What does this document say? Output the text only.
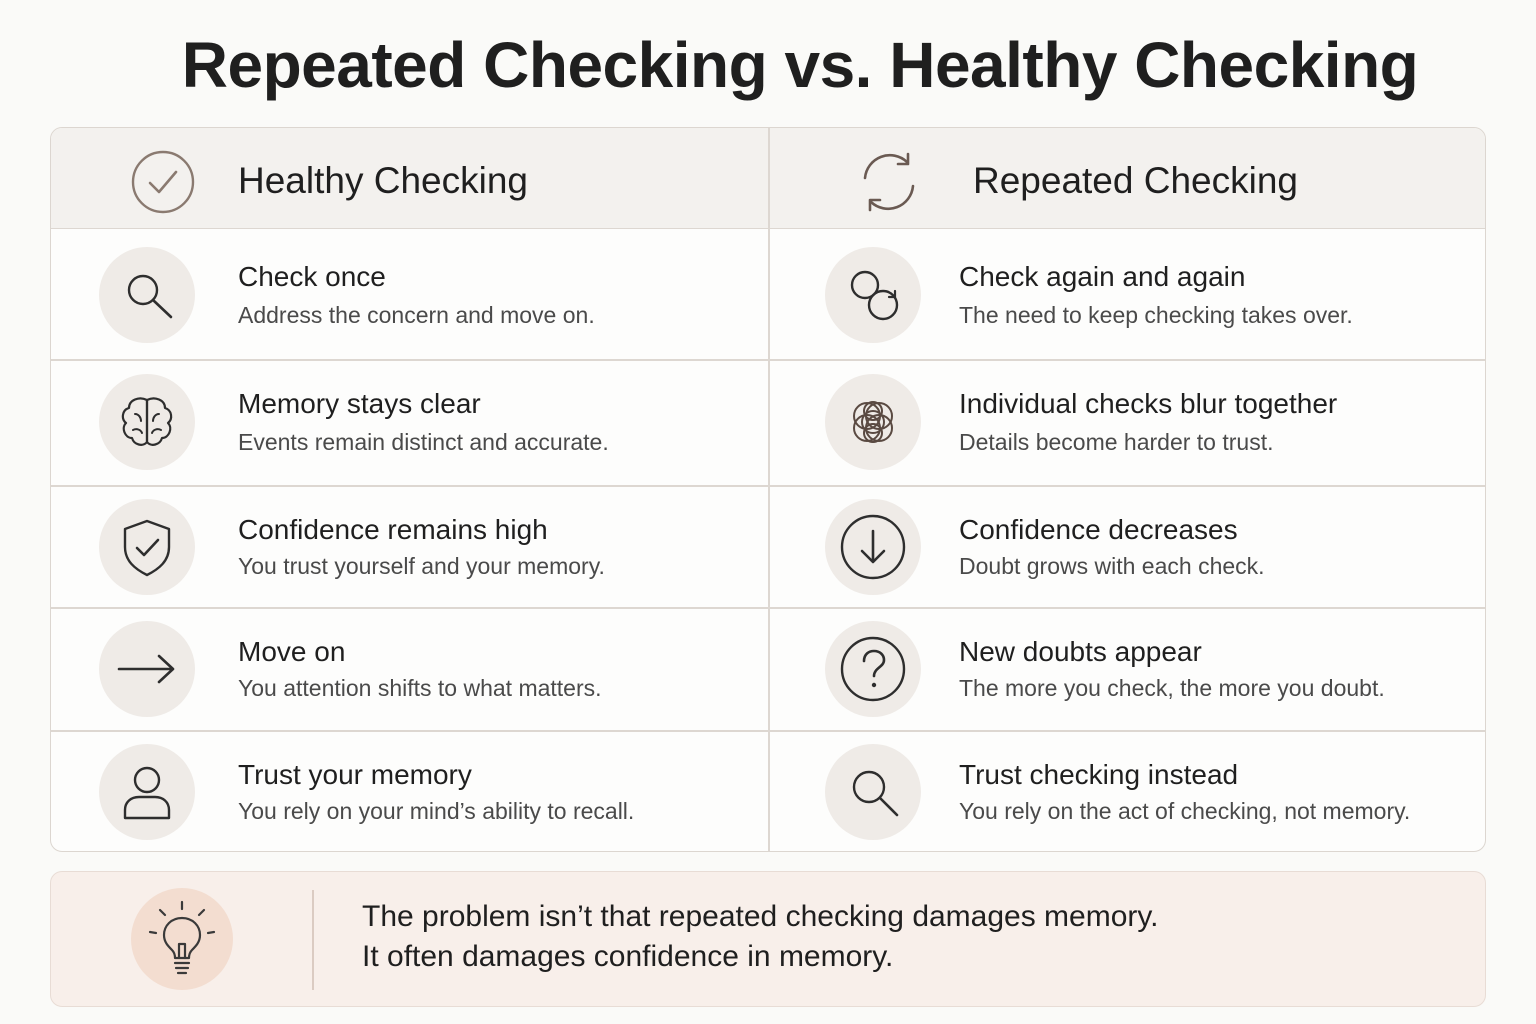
Repeated Checking vs. Healthy Checking
Healthy Checking	Repeated Checking
Check once
Address the concern and move on.
Check again and again
The need to keep checking takes over.
Memory stays clear
Events remain distinct and accurate.
Individual checks blur together
Details become harder to trust.
Confidence remains high
You trust yourself and your memory.
Confidence decreases
Doubt grows with each check.
Move on
You attention shifts to what matters.
New doubts appear
The more you check, the more you doubt.
Trust your memory
You rely on your mind’s ability to recall.
Trust checking instead
You rely on the act of checking, not memory.
The problem isn’t that repeated checking damages memory.
It often damages confidence in memory.
